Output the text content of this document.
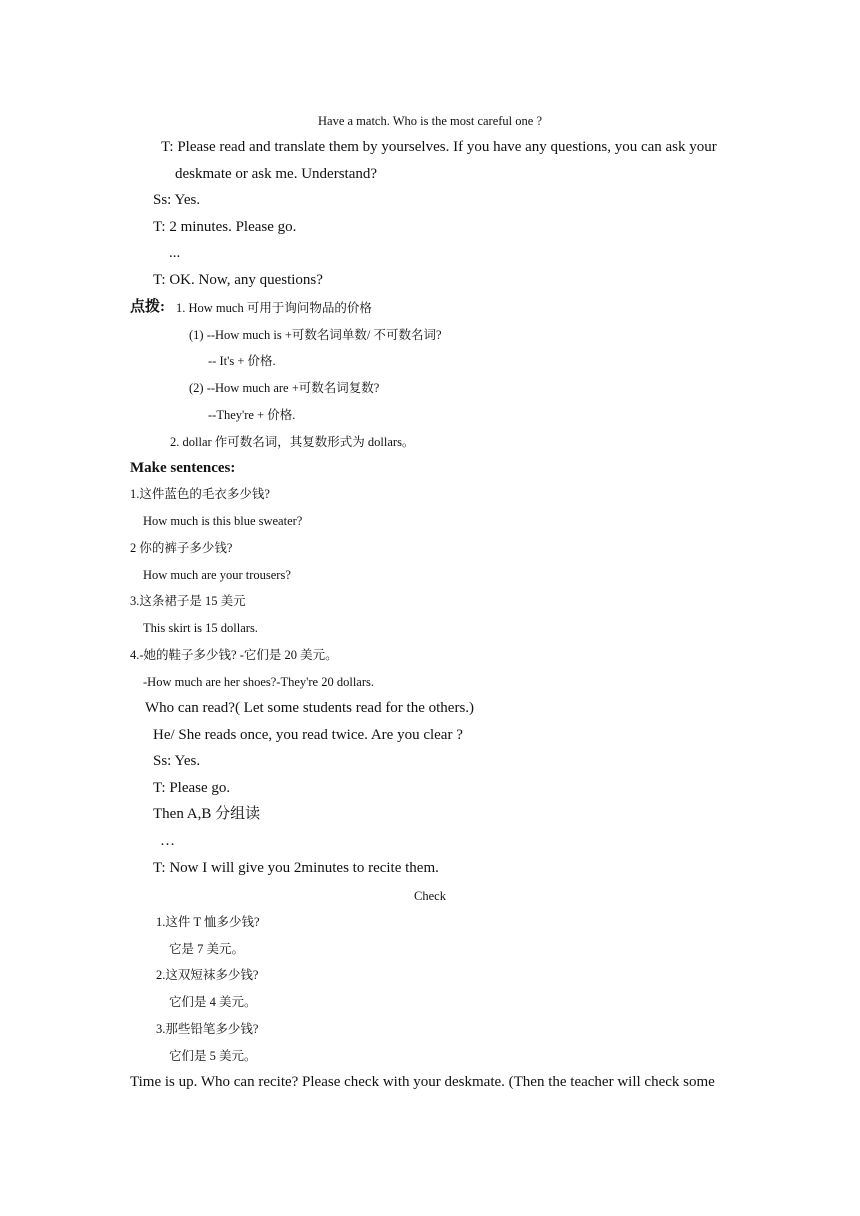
Have a match. Who is the most careful one ?
T: Please read and translate them by yourselves. If you have any questions, you can ask your
deskmate or ask me. Understand?
Ss: Yes.
T: 2 minutes. Please go.
...
T: OK. Now, any questions?
点拨: 1. How much 可用于询问物品的价格
(1) --How much is +可数名词单数/ 不可数名词?
-- It's + 价格.
(2) --How much are +可数名词复数?
--They're + 价格.
2. dollar 作可数名词，其复数形式为 dollars。
Make sentences:
1.这件蓝色的毛衣多少钱?
How much is this blue sweater?
2 你的裤子多少钱?
How much are your trousers?
3.这条裙子是 15 美元
This skirt is 15 dollars.
4.-她的鞋子多少钱? -它们是 20 美元。
-How much are her shoes?-They're 20 dollars.
Who can read?( Let some students read for the others.)
He/ She reads once, you read twice. Are you clear ?
Ss: Yes.
T: Please go.
Then A,B 分组读
…
T: Now I will give you 2minutes to recite them.
Check
1.这件 T 恤多少钱?
它是 7 美元。
2.这双短袜多少钱?
它们是 4 美元。
3.那些铅笔多少钱?
它们是 5 美元。
Time is up. Who can recite? Please check with your deskmate. (Then the teacher will check some
